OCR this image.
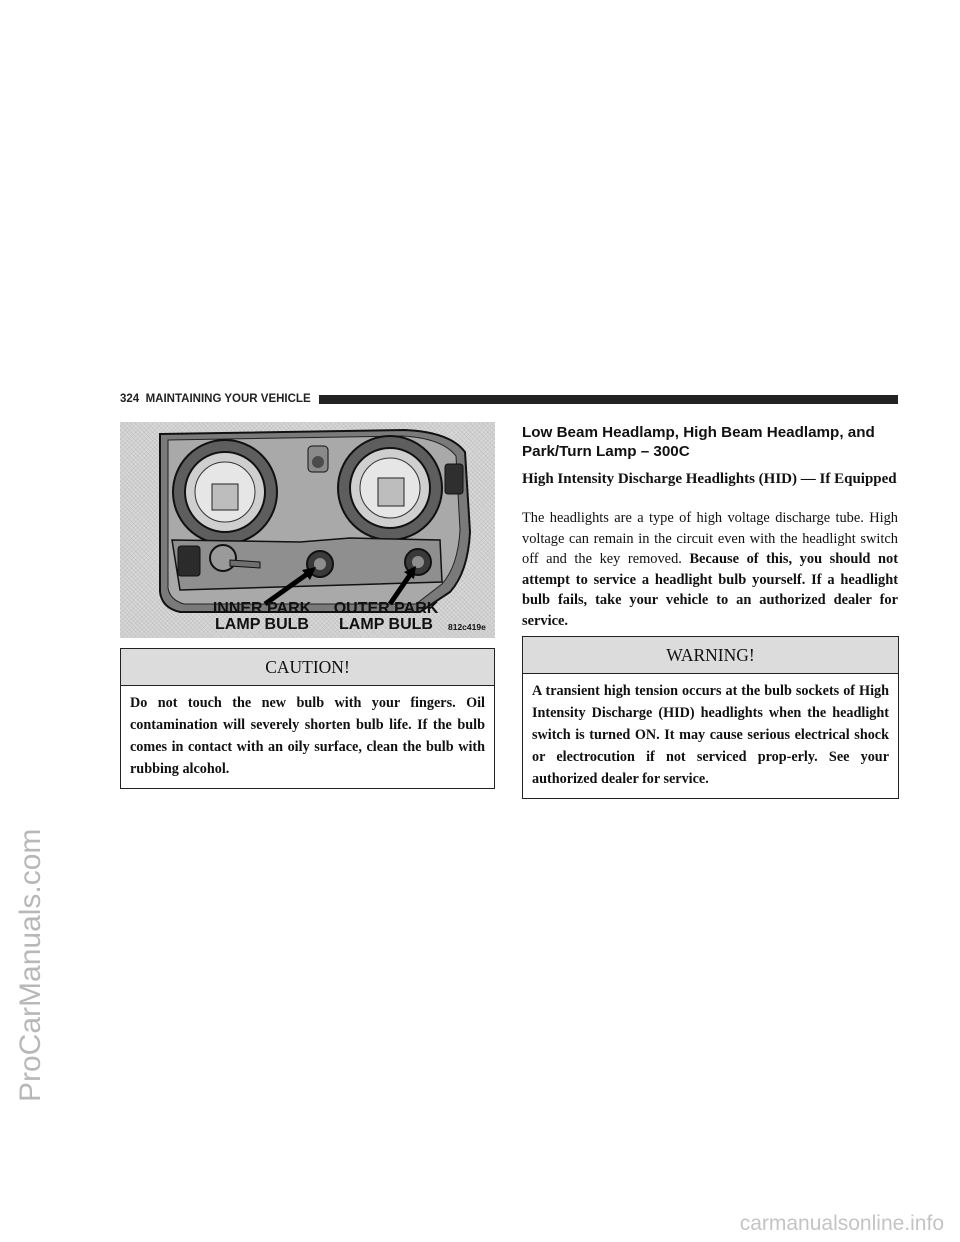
ProCarManuals.com
324 MAINTAINING YOUR VEHICLE
INNER PARK
LAMP BULB
OUTER PARK
LAMP BULB	812c419e
CAUTION!
Do not touch the new bulb with your fingers. Oil contamination will severely shorten bulb life. If the bulb comes in contact with an oily surface, clean the bulb with rubbing alcohol.
Low Beam Headlamp, High Beam Headlamp, and Park/Turn Lamp – 300C
High Intensity Discharge Headlights (HID) — If Equipped
The headlights are a type of high voltage discharge tube. High voltage can remain in the circuit even with the headlight switch off and the key removed. Because of this, you should not attempt to service a headlight bulb yourself. If a headlight bulb fails, take your vehicle to an authorized dealer for service.
WARNING!
A transient high tension occurs at the bulb sockets of High Intensity Discharge (HID) headlights when the headlight switch is turned ON. It may cause serious electrical shock or electrocution if not serviced prop-erly. See your authorized dealer for service.
carmanualsonline.info
